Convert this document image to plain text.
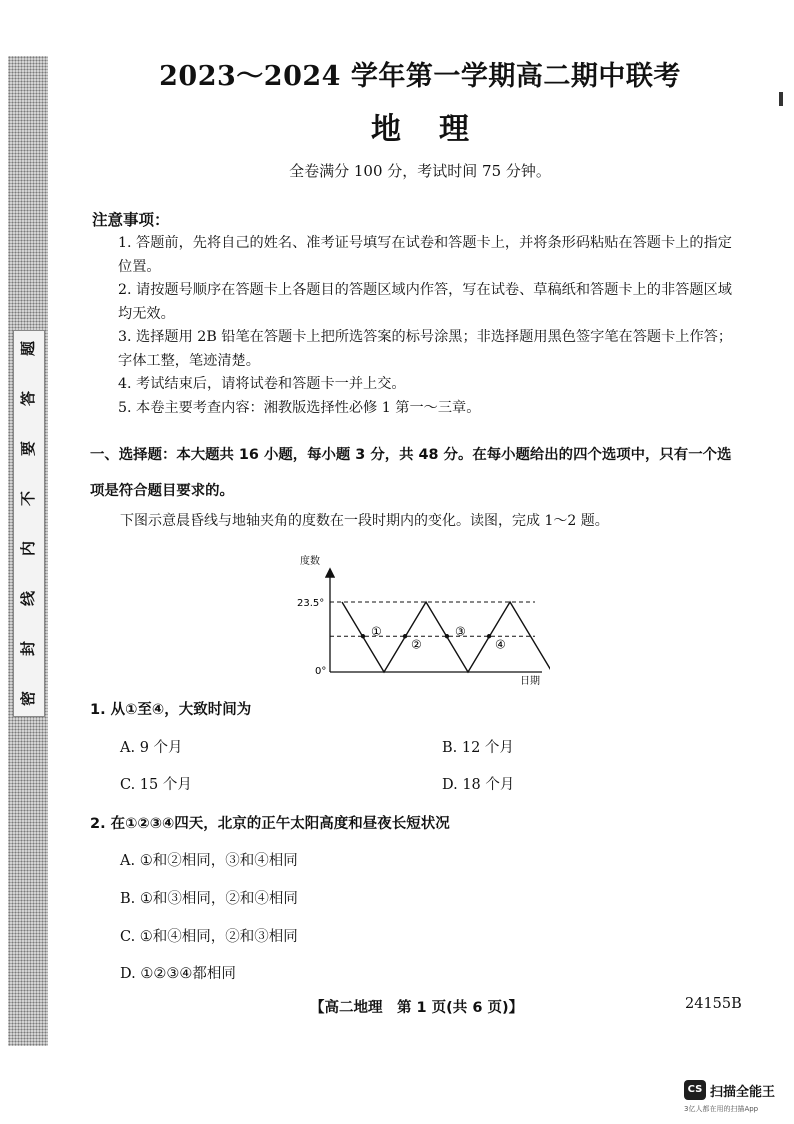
密
封
线
内
不
要
答
题
2023～2024 学年第一学期高二期中联考
地理
全卷满分 100 分，考试时间 75 分钟。
注意事项：
1. 答题前，先将自己的姓名、准考证号填写在试卷和答题卡上，并将条形码粘贴在答题卡上的指定位置。
2. 请按题号顺序在答题卡上各题目的答题区域内作答，写在试卷、草稿纸和答题卡上的非答题区域均无效。
3. 选择题用 2B 铅笔在答题卡上把所选答案的标号涂黑；非选择题用黑色签字笔在答题卡上作答；字体工整，笔迹清楚。
4. 考试结束后，请将试卷和答题卡一并上交。
5. 本卷主要考查内容：湘教版选择性必修 1 第一～三章。
一、选择题：本大题共 16 小题，每小题 3 分，共 48 分。在每小题给出的四个选项中，只有一个选项是符合题目要求的。
下图示意晨昏线与地轴夹角的度数在一段时期内的变化。读图，完成 1～2 题。
度数
日期
23.5°
0°
①
②
③
④
1. 从①至④，大致时间为
A. 9 个月	B. 12 个月
C. 15 个月	D. 18 个月
2. 在①②③④四天，北京的正午太阳高度和昼夜长短状况
A. ①和②相同，③和④相同
B. ①和③相同，②和④相同
C. ①和④相同，②和③相同
D. ①②③④都相同
【高二地理　第 1 页(共 6 页)】	24155B
CS 扫描全能王
3亿人都在用的扫描App
